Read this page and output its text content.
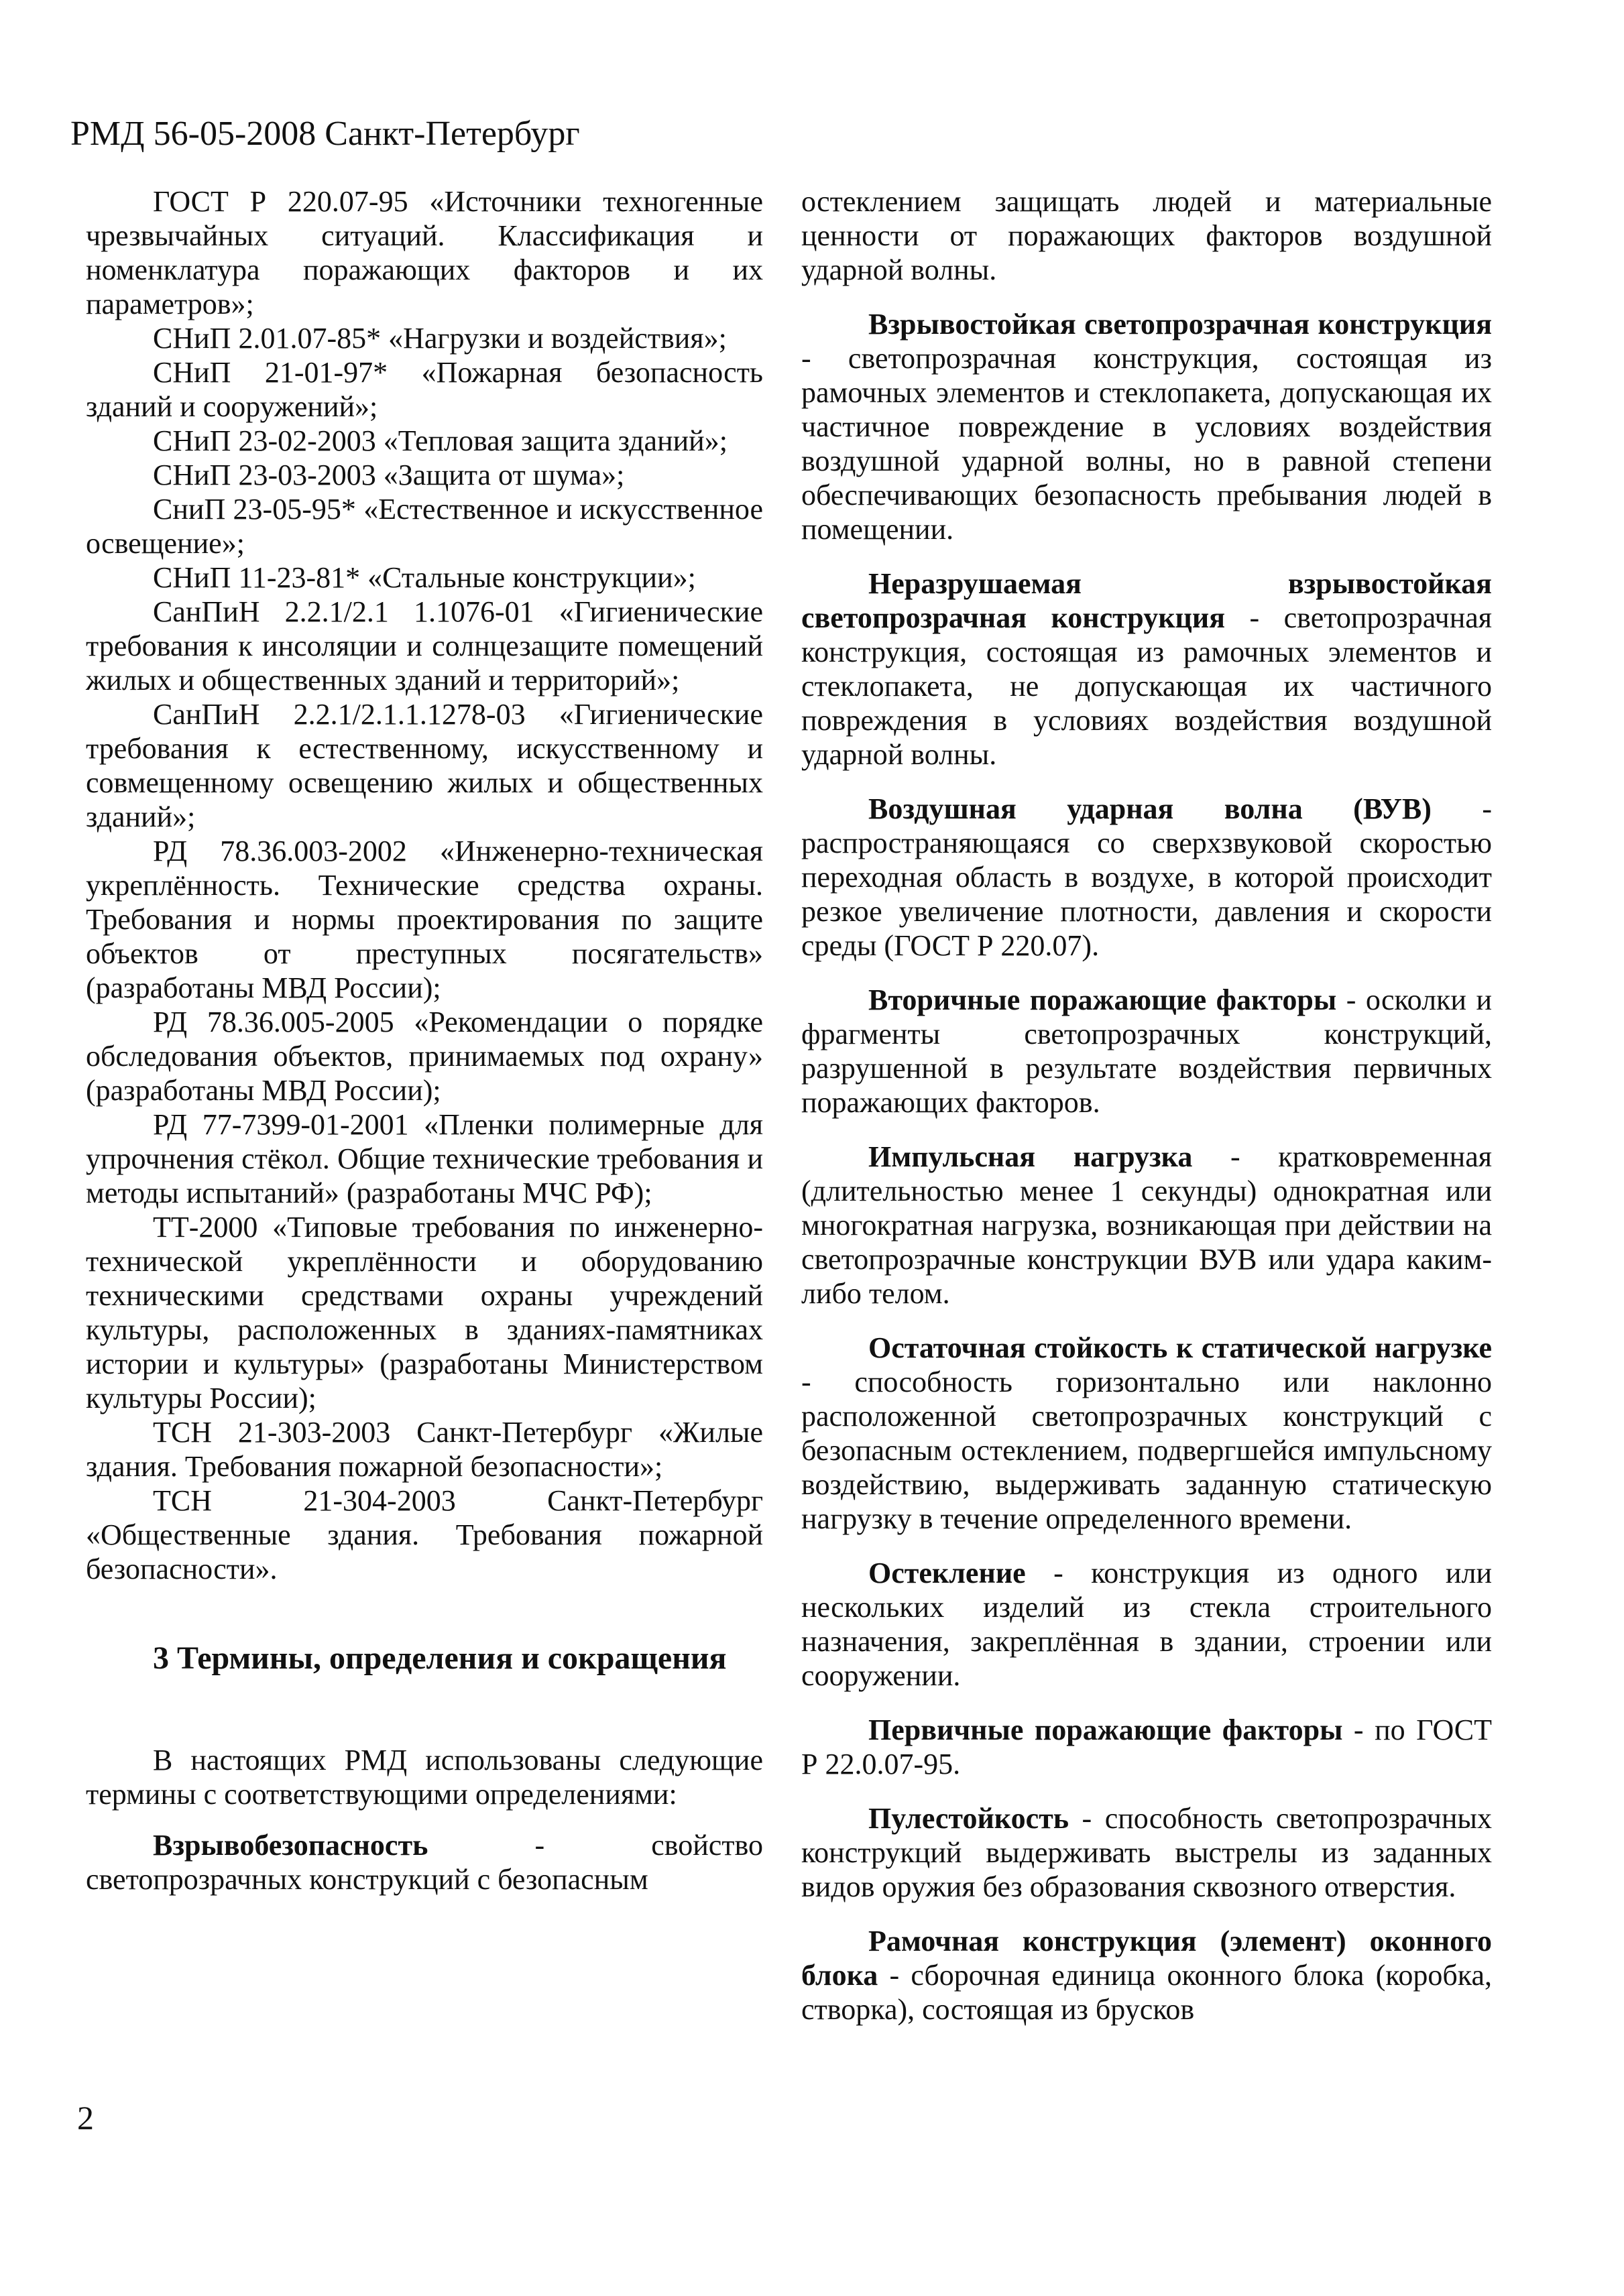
РМД 56-05-2008 Санкт-Петербург

ГОСТ Р 220.07-95 «Источники техногенные чрезвычайных ситуаций. Классификация и номенклатура поражающих факторов и их параметров»;

СНиП 2.01.07-85* «Нагрузки и воздействия»;

СНиП 21-01-97* «Пожарная безопасность зданий и сооружений»;

СНиП 23-02-2003 «Тепловая защита зданий»;

СНиП 23-03-2003 «Защита от шума»;

СниП 23-05-95* «Естественное и искусственное освещение»;

СНиП 11-23-81* «Стальные конструкции»;

СанПиН 2.2.1/2.1 1.1076-01 «Гигиенические требования к инсоляции и солнцезащите помещений жилых и общественных зданий и территорий»;

СанПиН 2.2.1/2.1.1.1278-03 «Гигиенические требования к естественному, искусственному и совмещенному освещению жилых и общественных зданий»;

РД 78.36.003-2002 «Инженерно-техническая укреплённость. Технические средства охраны. Требования и нормы проектирования по защите объектов от преступных посягательств» (разработаны МВД России);

РД 78.36.005-2005 «Рекомендации о порядке обследования объектов, принимаемых под охрану» (разработаны МВД России);

РД 77-7399-01-2001 «Пленки полимерные для упрочнения стёкол. Общие технические требования и методы испытаний» (разработаны МЧС РФ);

ТТ-2000 «Типовые требования по инженерно-технической укреплённости и оборудованию техническими средствами охраны учреждений культуры, расположенных в зданиях-памятниках истории и культуры» (разработаны Министерством культуры России);

ТСН 21-303-2003 Санкт-Петербург «Жилые здания. Требования пожарной безопасности»;

ТСН 21-304-2003 Санкт-Петербург «Общественные здания. Требования пожарной безопасности».

3 Термины, определения и сокращения

В настоящих РМД использованы следующие термины с соответствующими определениями:

Взрывобезопасность - свойство светопрозрачных конструкций с безопасным

остеклением защищать людей и материальные ценности от поражающих факторов воздушной ударной волны.

Взрывостойкая светопрозрачная конструкция - светопрозрачная конструкция, состоящая из рамочных элементов и стеклопакета, допускающая их частичное повреждение в условиях воздействия воздушной ударной волны, но в равной степени обеспечивающих безопасность пребывания людей в помещении.

Неразрушаемая взрывостойкая светопрозрачная конструкция - светопрозрачная конструкция, состоящая из рамочных элементов и стеклопакета, не допускающая их частичного повреждения в условиях воздействия воздушной ударной волны.

Воздушная ударная волна (ВУВ) - распространяющаяся со сверхзвуковой скоростью переходная область в воздухе, в которой происходит резкое увеличение плотности, давления и скорости среды (ГОСТ Р 220.07).

Вторичные поражающие факторы - осколки и фрагменты светопрозрачных конструкций, разрушенной в результате воздействия первичных поражающих факторов.

Импульсная нагрузка - кратковременная (длительностью менее 1 секунды) однократная или многократная нагрузка, возникающая при действии на светопрозрачные конструкции ВУВ или удара каким-либо телом.

Остаточная стойкость к статической нагрузке - способность горизонтально или наклонно расположенной светопрозрачных конструкций с безопасным остеклением, подвергшейся импульсному воздействию, выдерживать заданную статическую нагрузку в течение определенного времени.

Остекление - конструкция из одного или нескольких изделий из стекла строительного назначения, закреплённая в здании, строении или сооружении.

Первичные поражающие факторы - по ГОСТ Р 22.0.07-95.

Пулестойкость - способность светопрозрачных конструкций выдерживать выстрелы из заданных видов оружия без образования сквозного отверстия.

Рамочная конструкция (элемент) оконного блока - сборочная единица оконного блока (коробка, створка), состоящая из брусков

2
